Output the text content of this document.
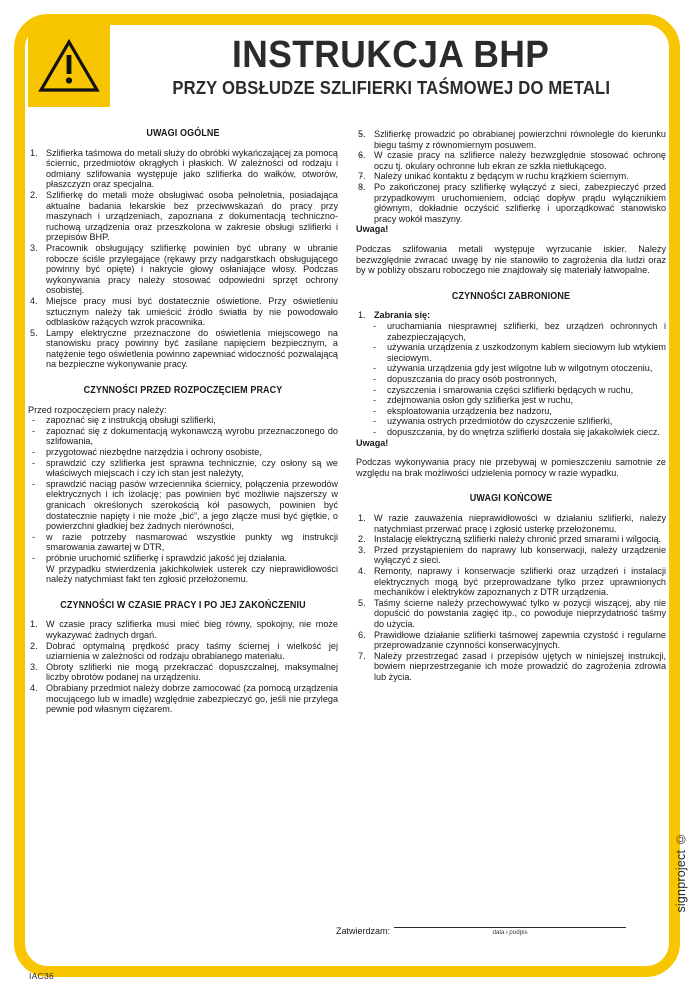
INSTRUKCJA BHP
PRZY OBSŁUDZE SZLIFIERKI TAŚMOWEJ DO METALI
UWAGI OGÓLNE
Szlifierka taśmowa do metali służy do obróbki wykańczającej za pomocą ściernic, przedmiotów okrągłych i płaskich. W zależności od rodzaju i odmiany szlifowania występuje jako szlifierka do wałków, otworów, płaszczyzn oraz specjalna.
Szlifierkę do metali może obsługiwać osoba pełnoletnia, posiadająca aktualne badania lekarskie bez przeciwwskazań do pracy przy maszynach i urządzeniach, zapoznana z dokumentacją techniczno-ruchową urządzenia oraz przeszkolona w zakresie obsługi szlifierki i przepisów BHP.
Pracownik obsługujący szlifierkę powinien być ubrany w ubranie robocze ściśle przylegające (rękawy przy nadgarstkach obsługującego powinny być opięte) i nakrycie głowy osłaniające włosy. Podczas wykonywania pracy należy stosować odpowiedni sprzęt ochrony osobistej.
Miejsce pracy musi być dostatecznie oświetlone. Przy oświetleniu sztucznym należy tak umieścić źródło światła by nie powodowało odblasków rażących wzrok pracownika.
Lampy elektryczne przeznaczone do oświetlenia miejscowego na stanowisku pracy powinny być zasilane napięciem bezpiecznym, a natężenie tego oświetlenia powinno zapewniać widoczność pozwalającą na bezpieczne wykonywanie pracy.
CZYNNOŚCI PRZED ROZPOCZĘCIEM PRACY

Przed rozpoczęciem pracy należy:

- zapoznać się z instrukcją obsługi szlifierki,
- zapoznać się z dokumentacją wykonawczą wyrobu przeznaczonego do szlifowania,
- przygotować niezbędne narzędzia i ochrony osobiste,
- sprawdzić czy szlifierka jest sprawna technicznie, czy osłony są we właściwych miejscach i czy ich stan jest należyty,
- sprawdzić naciąg pasów wrzeciennika ściernicy, połączenia przewodów elektrycznych i ich izolację; pas powinien być możliwie najszerszy w granicach określonych szerokością kół pasowych, powinien być dostatecznie napięty i nie może „bić”, a jego złącze musi być giętkie, o powierzchni gładkiej bez żadnych nierówności,
- w razie potrzeby nasmarować wszystkie punkty wg instrukcji smarowania zawartej w DTR,
- próbnie uruchomić szlifierkę i sprawdzić jakość jej działania.

W przypadku stwierdzenia jakichkolwiek usterek czy nieprawidłowości należy natychmiast fakt ten zgłosić przełożonemu.

CZYNNOŚCI W CZASIE PRACY I PO JEJ ZAKOŃCZENIU
W czasie pracy szlifierka musi mieć bieg równy, spokojny, nie może wykazywać żadnych drgań.
Dobrać optymalną prędkość pracy taśmy ściernej i wielkość jej uziarnienia w zależności od rodzaju obrabianego materiału.
Obroty szlifierki nie mogą przekraczać dopuszczalnej, maksymalnej liczby obrotów podanej na urządzeniu.
Obrabiany przedmiot należy dobrze zamocować (za pomocą urządzenia mocującego lub w imadle) względnie zabezpieczyć go, jeśli nie przylega pewnie pod własnym ciężarem.
- 5. Szlifierkę prowadzić po obrabianej powierzchni równolegle do kierunku biegu taśmy z równomiernym posuwem.
- 6. W czasie pracy na szlifierce należy bezwzględnie stosować ochronę oczu tj. okulary ochronne lub ekran ze szkła nietłukącego.
- 7. Należy unikać kontaktu z będącym w ruchu krążkiem ściernym.
- 8. Po zakończonej pracy szlifierkę wyłączyć z sieci, zabezpieczyć przed przypadkowym uruchomieniem, odciąć dopływ prądu wyłącznikiem głównym, dokładnie oczyścić szlifierkę i uporządkować stanowisko pracy wokół maszyny.

Uwaga!

Podczas szlifowania metali występuje wyrzucanie iskier. Należy bezwzględnie zwracać uwagę by nie stanowiło to zagrożenia dla ludzi oraz by w pobliży obszaru roboczego nie znajdowały się materiały łatwopalne.

CZYNNOŚCI ZABRONIONE
1. Zabrania się:
- uruchamiania niesprawnej szlifierki, bez urządzeń ochronnych i zabezpieczających,
- używania urządzenia z uszkodzonym kablem sieciowym lub wtykiem sieciowym.
- używania urządzenia gdy jest wilgotne lub w wilgotnym otoczeniu,
- dopuszczania do pracy osób postronnych,
- czyszczenia i smarowania części szlifierki będących w ruchu,
- zdejmowania osłon gdy szlifierka jest w ruchu,
- eksploatowania urządzenia bez nadzoru,
- używania ostrych przedmiotów do czyszczenie szlifierki,
- dopuszczania, by do wnętrza szlifierki dostała się jakakolwiek ciecz.

Uwaga!

Podczas wykonywania pracy nie przebywaj w pomieszczeniu samotnie ze względu na brak możliwości udzielenia pomocy w razie wypadku.

UWAGI KOŃCOWE
W razie zauważenia nieprawidłowości w działaniu szlifierki, należy natychmiast przerwać pracę i zgłosić usterkę przełożonemu.
Instalację elektryczną szlifierki należy chronić przed smarami i wilgocią.
Przed przystąpieniem do naprawy lub konserwacji, należy urządzenie wyłączyć z sieci.
Remonty, naprawy i konserwacje szlifierki oraz urządzeń i instalacji elektrycznych mogą być przeprowadzane tylko przez uprawnionych mechaników i elektryków zapoznanych z DTR urządzenia.
Taśmy ścierne należy przechowywać tylko w pozycji wiszącej, aby nie dopuścić do powstania zagięć itp., co powoduje nieprzydatność taśmy do użycia.
Prawidłowe działanie szlifierki taśmowej zapewnia czystość i regularne przeprowadzanie czynności konserwacyjnych.
Należy przestrzegać zasad i przepisów ujętych w niniejszej instrukcji, bowiem nieprzestrzeganie ich może prowadzić do zagrożenia zdrowia lub życia.
Zatwierdzam:	data i podpis
IAC36
signproject ©
